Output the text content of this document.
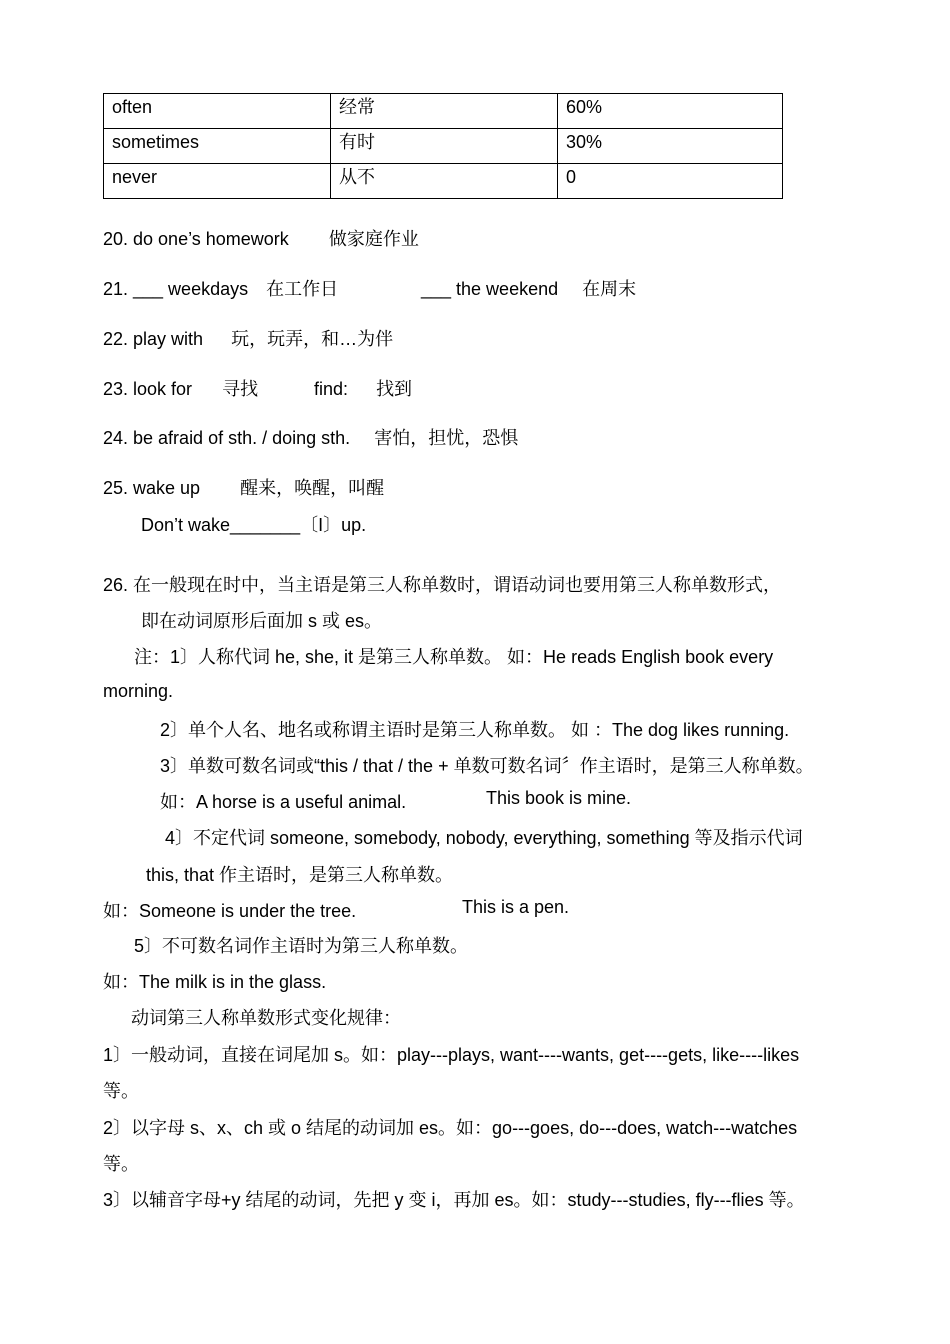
often	经常	60%
sometimes	有时	30%
never	从不	0
20. do one’s homework 做家庭作业
21. ___ weekdays 在工作日	___ the weekend 在周末
22. play with 玩，玩弄，和…为伴
23. look for 寻找	find: 找到
24. be afraid of sth. / doing sth. 害怕，担忧，恐惧
25. wake up 醒来，唤醒，叫醒
Don’t wake_______〔I〕up.
26. 在一般现在时中，当主语是第三人称单数时，谓语动词也要用第三人称单数形式，
即在动词原形后面加 s 或 es。
注：1〕人称代词 he, she, it 是第三人称单数。 如：He reads English book every
morning.
2〕单个人名、地名或称谓主语时是第三人称单数。 如 ：The dog likes running.
3〕单数可数名词或“this / that / the + 单数可数名词〞作主语时，是第三人称单数。
如：A horse is a useful animal.	This book is mine.
4〕不定代词 someone, somebody, nobody, everything, something 等及指示代词
this, that 作主语时，是第三人称单数。
如：Someone is under the tree.	This is a pen.
5〕不可数名词作主语时为第三人称单数。
如：The milk is in the glass.
动词第三人称单数形式变化规律：
1〕一般动词，直接在词尾加 s。如：play---plays, want----wants, get----gets, like----likes
等。
2〕以字母 s、x、ch 或 o 结尾的动词加 es。如：go---goes, do---does, watch---watches
等。
3〕以辅音字母+y 结尾的动词，先把 y 变 i，再加 es。如：study---studies, fly---flies 等。
